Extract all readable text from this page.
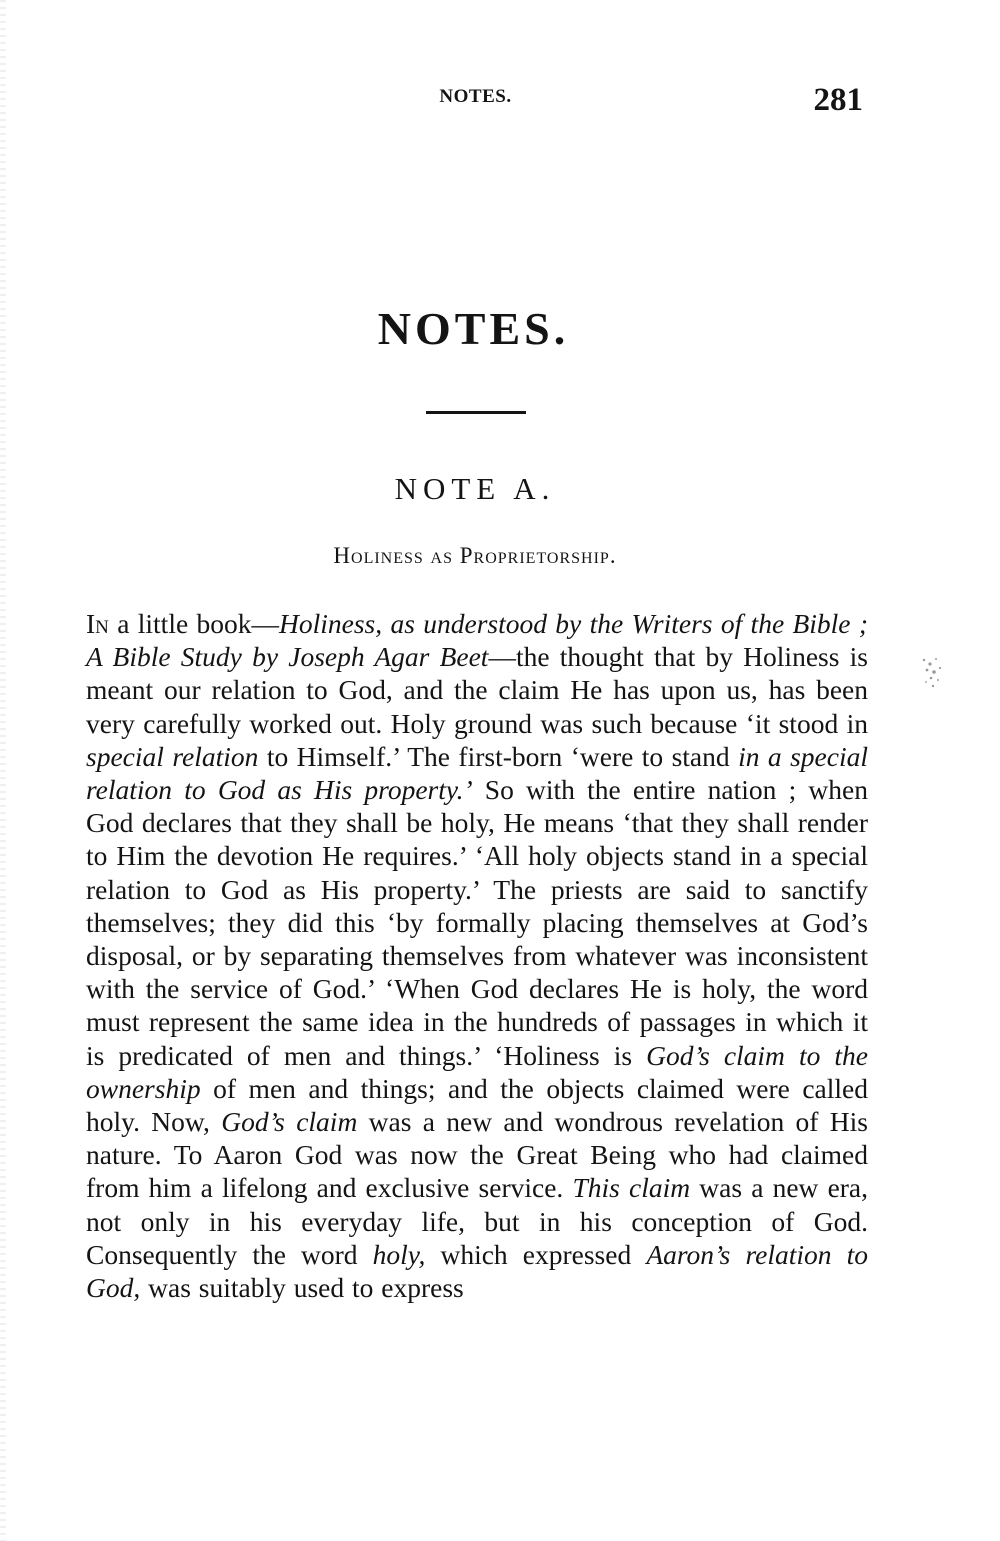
NOTES.	281
NOTES.
NOTE A.
Holiness as Proprietorship.

In a little book—Holiness, as understood by the Writers of the Bible ; A Bible Study by Joseph Agar Beet—the thought that by Holiness is meant our relation to God, and the claim He has upon us, has been very carefully worked out. Holy ground was such because ‘it stood in special relation to Himself.’ The first-born ‘were to stand in a special relation to God as His property.’ So with the entire nation ; when God declares that they shall be holy, He means ‘that they shall render to Him the devotion He requires.’ ‘All holy objects stand in a special relation to God as His property.’ The priests are said to sanctify themselves; they did this ‘by formally placing themselves at God’s disposal, or by separating themselves from whatever was inconsistent with the service of God.’ ‘When God declares He is holy, the word must represent the same idea in the hundreds of passages in which it is predicated of men and things.’ ‘Holiness is God’s claim to the ownership of men and things; and the objects claimed were called holy. Now, God’s claim was a new and wondrous revelation of His nature. To Aaron God was now the Great Being who had claimed from him a lifelong and exclusive service. This claim was a new era, not only in his everyday life, but in his conception of God. Consequently the word holy, which expressed Aaron’s relation to God, was suitably used to express
